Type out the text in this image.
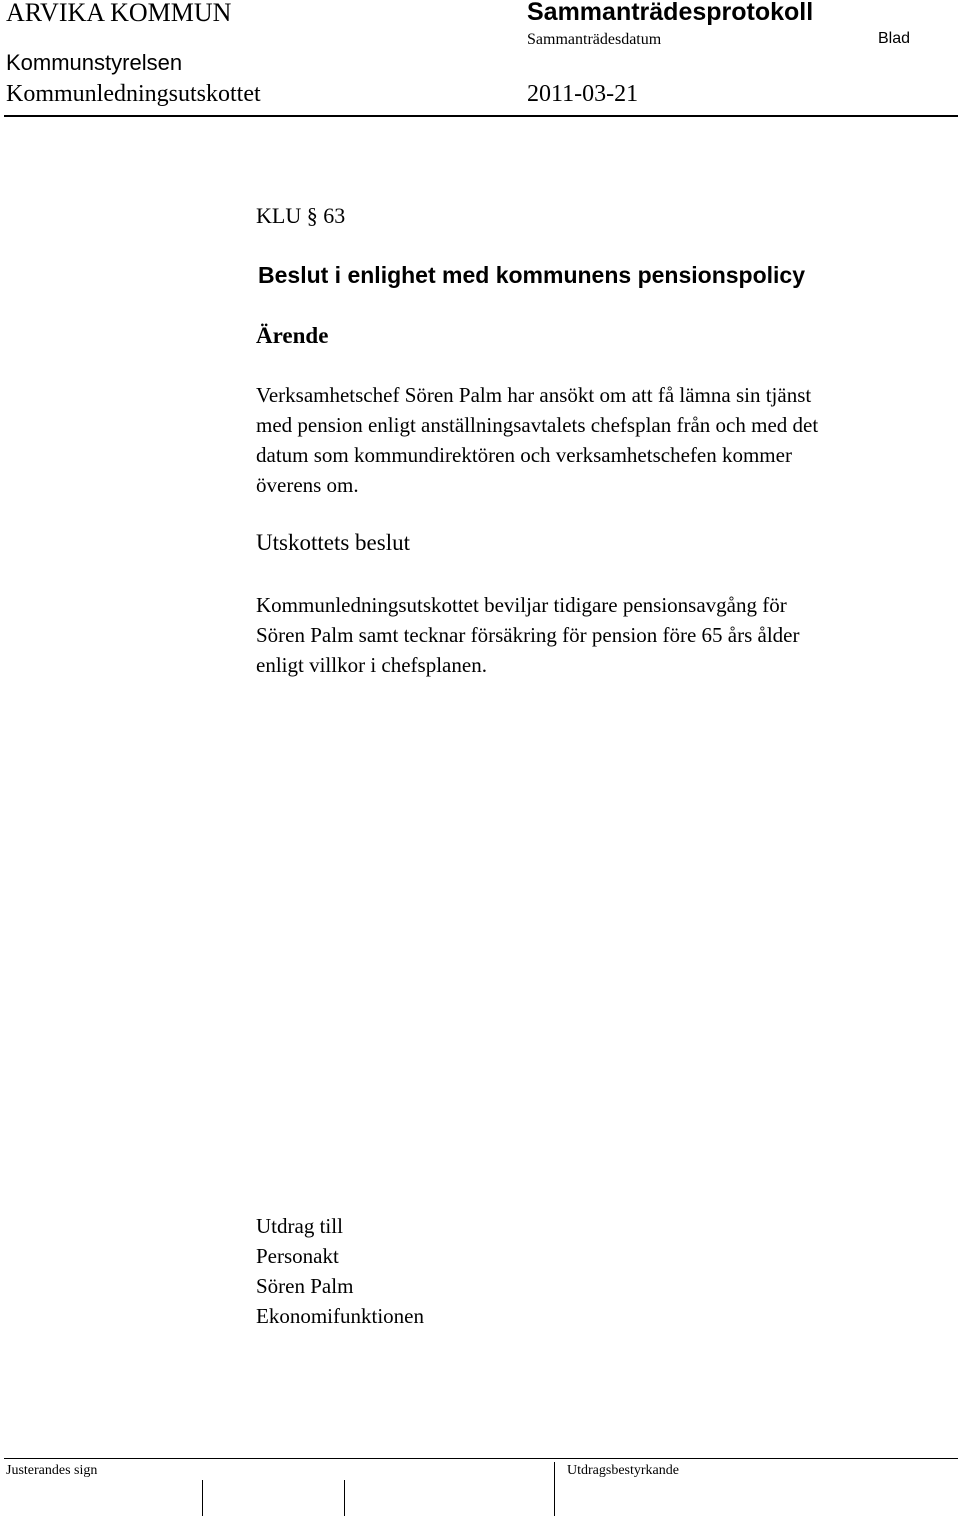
ARVIKA KOMMUN	Sammanträdesprotokoll
Sammanträdesdatum	Blad
Kommunstyrelsen
Kommunledningsutskottet	2011-03-21
KLU § 63
Beslut i enlighet med kommunens pensionspolicy
Ärende
Verksamhetschef Sören Palm har ansökt om att få lämna sin tjänst
med pension enligt anställningsavtalets chefsplan från och med det
datum som kommundirektören och verksamhetschefen kommer
överens om.
Utskottets beslut
Kommunledningsutskottet beviljar tidigare pensionsavgång för
Sören Palm samt tecknar försäkring för pension före 65 års ålder
enligt villkor i chefsplanen.
Utdrag till
Personakt
Sören Palm
Ekonomifunktionen
Justerandes sign	Utdragsbestyrkande
